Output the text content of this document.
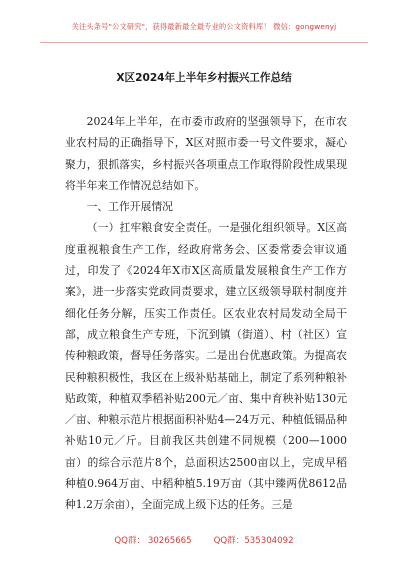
关注头条号"公文研究"，获得最新最全最专业的公文资料库！ 微信：gongwenyj
X区2024年上半年乡村振兴工作总结

2024年上半年，在市委市政府的坚强领导下，在市农业农村局的正确指导下，X区对照市委一号文件要求，凝心聚力，狠抓落实，乡村振兴各项重点工作取得阶段性成果现将半年来工作情况总结如下。

一、工作开展情况

（一）扛牢粮食安全责任。一是强化组织领导。X区高度重视粮食生产工作，经政府常务会、区委常委会审议通过，印发了《2024年X市X区高质量发展粮食生产工作方案》，进一步落实党政同责要求，建立区级领导联村制度并细化任务分解，压实工作责任。区农业农村局发动全局干部，成立粮食生产专班，下沉到镇（街道）、村（社区）宣传种粮政策，督导任务落实。二是出台优惠政策。为提高农民种粮积极性，我区在上级补贴基础上，制定了系列种粮补贴政策，种植双季稻补贴200元／亩、集中育秧补贴130元／亩、种粮示范片根据面积补贴4—24万元、种植低镉品种补贴10元／斤。目前我区共创建不同规模（200—1000亩）的综合示范片8个，总面积达2500亩以上，完成早稻种植0.964万亩、中稻种植5.19万亩（其中臻两优8612品种1.2万余亩），全面完成上级下达的任务。三是

QQ群： 30265665	QQ群：535304092
